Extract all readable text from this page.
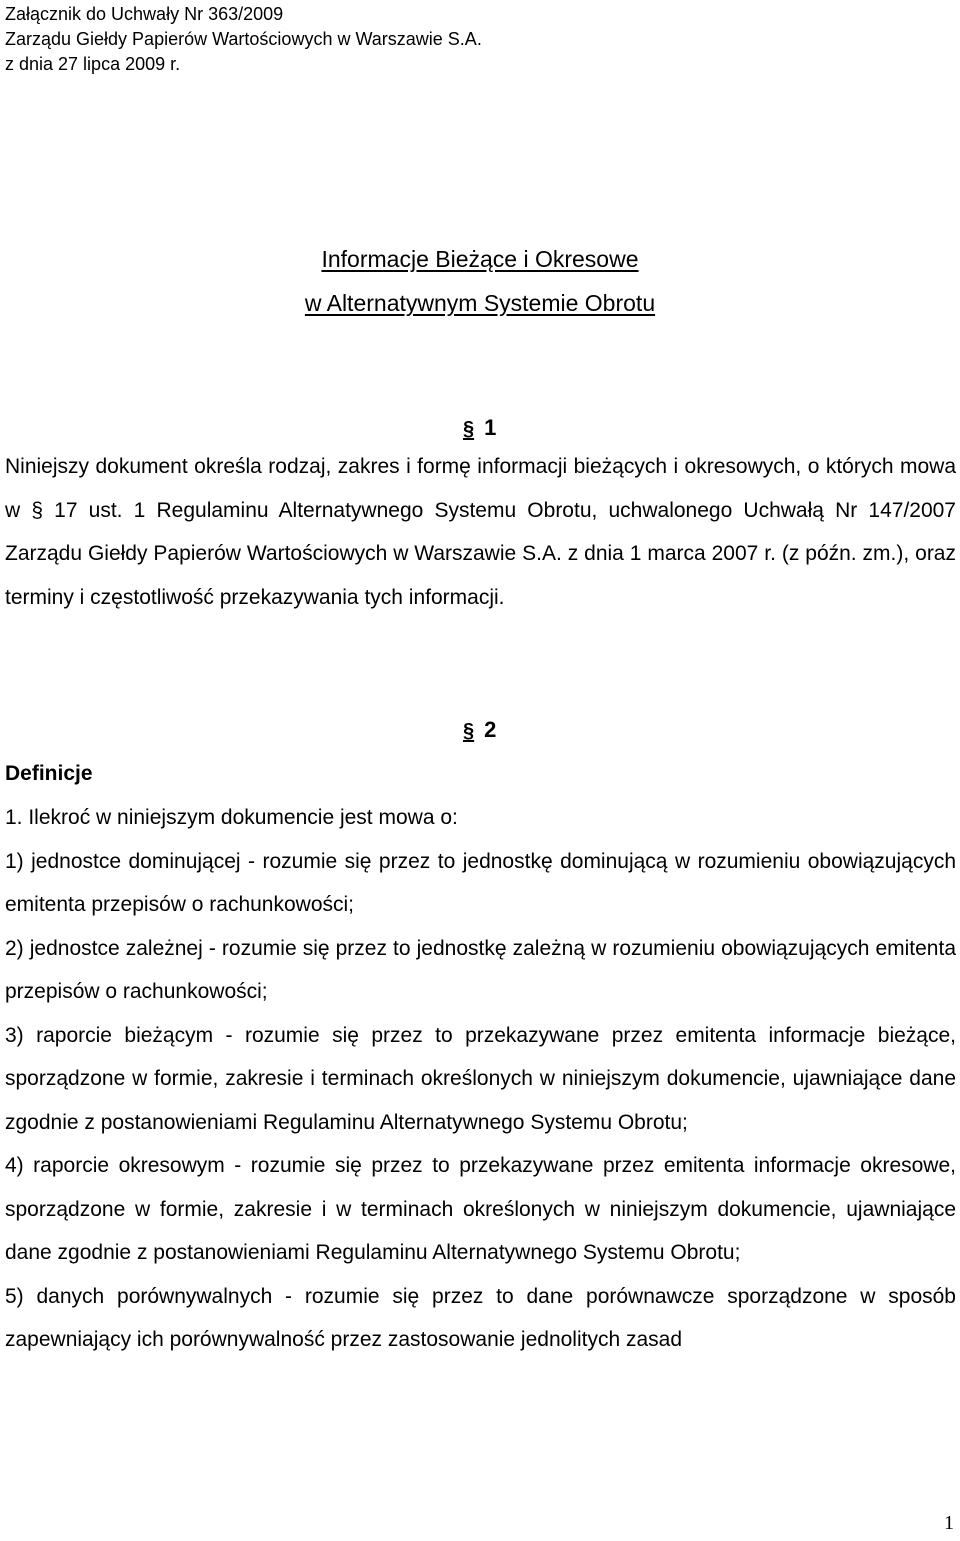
Załącznik do Uchwały Nr 363/2009
Zarządu Giełdy Papierów Wartościowych w Warszawie S.A.
z dnia 27 lipca 2009 r.
Informacje Bieżące i Okresowe
w Alternatywnym Systemie Obrotu
§ 1

Niniejszy dokument określa rodzaj, zakres i formę informacji bieżących i okresowych, o których mowa w § 17 ust. 1 Regulaminu Alternatywnego Systemu Obrotu, uchwalonego Uchwałą Nr 147/2007 Zarządu Giełdy Papierów Wartościowych w Warszawie S.A. z dnia 1 marca 2007 r. (z późn. zm.), oraz terminy i częstotliwość przekazywania tych informacji.

§ 2
Definicje

1. Ilekroć w niniejszym dokumencie jest mowa o:

1) jednostce dominującej - rozumie się przez to jednostkę dominującą w rozumieniu obowiązujących emitenta przepisów o rachunkowości;

2) jednostce zależnej - rozumie się przez to jednostkę zależną w rozumieniu obowiązujących emitenta przepisów o rachunkowości;

3) raporcie bieżącym - rozumie się przez to przekazywane przez emitenta informacje bieżące, sporządzone w formie, zakresie i terminach określonych w niniejszym dokumencie, ujawniające dane zgodnie z postanowieniami Regulaminu Alternatywnego Systemu Obrotu;

4) raporcie okresowym - rozumie się przez to przekazywane przez emitenta informacje okresowe, sporządzone w formie, zakresie i w terminach określonych w niniejszym dokumencie, ujawniające dane zgodnie z postanowieniami Regulaminu Alternatywnego Systemu Obrotu;

5) danych porównywalnych - rozumie się przez to dane porównawcze sporządzone w sposób zapewniający ich porównywalność przez zastosowanie jednolitych zasad

1
